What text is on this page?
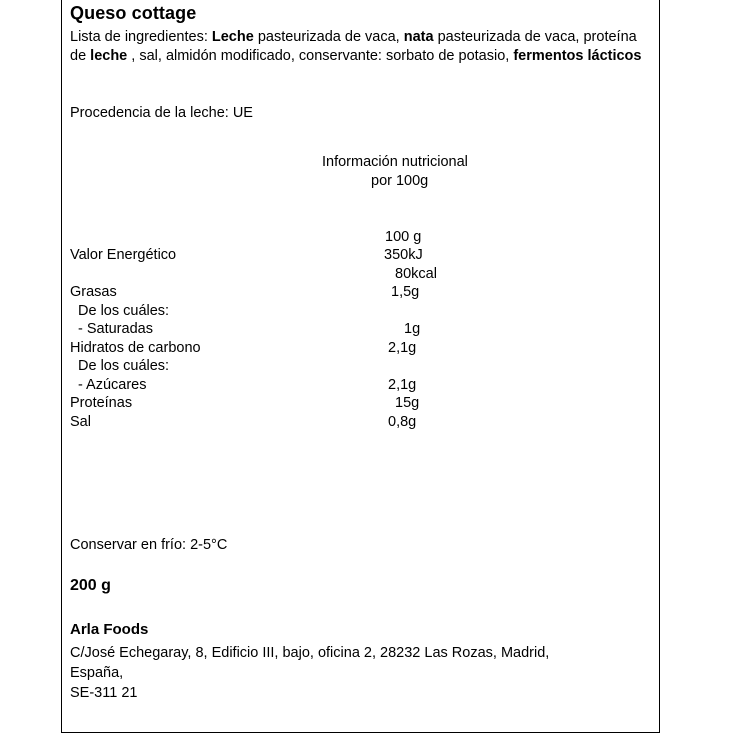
Queso cottage
Lista de ingredientes: Leche pasteurizada de vaca, nata pasteurizada de vaca, proteína de leche , sal, almidón modificado, conservante: sorbato de potasio, fermentos lácticos
Procedencia de la leche: UE
Información nutricional
por 100g
100 g
Valor Energético	350kJ
80kcal
Grasas	1,5g
De los cuáles:
- Saturadas	1g
Hidratos de carbono	2,1g
De los cuáles:
- Azúcares	2,1g
Proteínas	15g
Sal	0,8g
Conservar en frío: 2-5°C
200 g
Arla Foods
C/José Echegaray, 8, Edificio III, bajo, oficina 2, 28232 Las Rozas, Madrid,
España,
SE-311 21
